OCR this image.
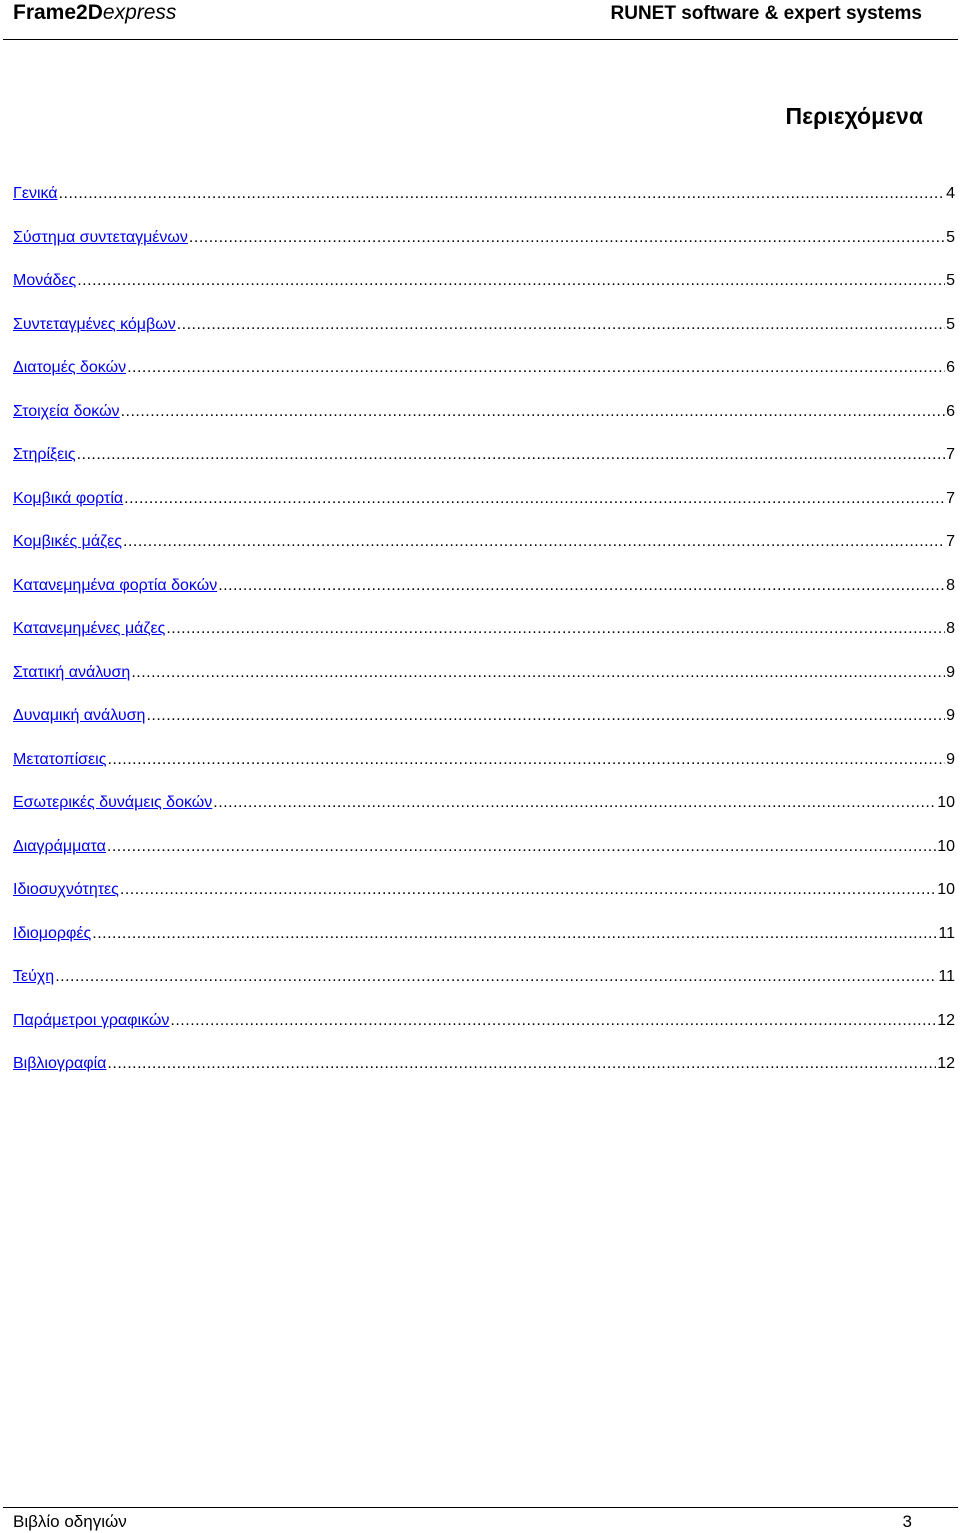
Frame2Dexpress	RUNET software & expert systems
Περιεχόμενα
Γενικά .....	4
Σύστημα συντεταγμένων .....	5
Μονάδες .....	5
Συντεταγμένες κόμβων .....	5
Διατομές δοκών .....	6
Στοιχεία δοκών .....	6
Στηρίξεις .....	7
Κομβικά φορτία .....	7
Κομβικές μάζες .....	7
Κατανεμημένα φορτία δοκών .....	8
Κατανεμημένες μάζες .....	8
Στατική ανάλυση .....	9
Δυναμική ανάλυση .....	9
Μετατοπίσεις .....	9
Εσωτερικές δυνάμεις δοκών .....	10
Διαγράμματα .....	10
Ιδιοσυχνότητες .....	10
Ιδιομορφές .....	11
Τεύχη .....	11
Παράμετροι γραφικών .....	12
Βιβλιογραφία .....	12
Βιβλίο οδηγιών	3
